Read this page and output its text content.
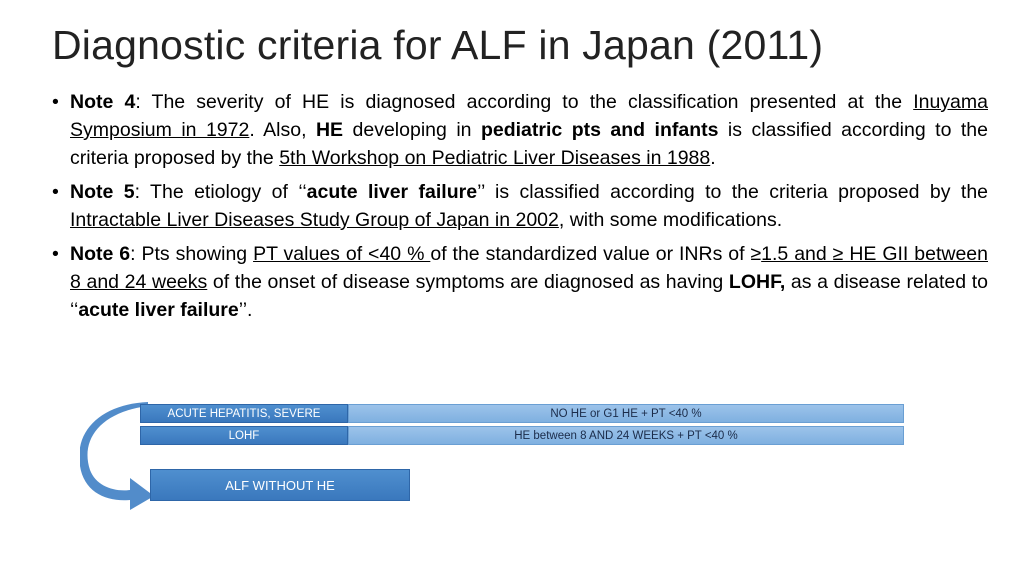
Diagnostic criteria for ALF in Japan (2011)
• Note 4: The severity of HE is diagnosed according to the classification presented at the Inuyama Symposium in 1972. Also, HE developing in pediatric pts and infants is classified according to the criteria proposed by the 5th Workshop on Pediatric Liver Diseases in 1988.
• Note 5: The etiology of ‘‘acute liver failure’’ is classified according to the criteria proposed by the Intractable Liver Diseases Study Group of Japan in 2002, with some modifications.
• Note 6: Pts showing PT values of <40 % of the standardized value or INRs of ≥1.5 and ≥ HE GII between 8 and 24 weeks of the onset of disease symptoms are diagnosed as having LOHF, as a disease related to ‘‘acute liver failure’’.
ACUTE HEPATITIS, SEVERE	NO HE or G1 HE + PT <40 %
LOHF	HE between 8 AND 24 WEEKS + PT <40 %
ALF WITHOUT HE
